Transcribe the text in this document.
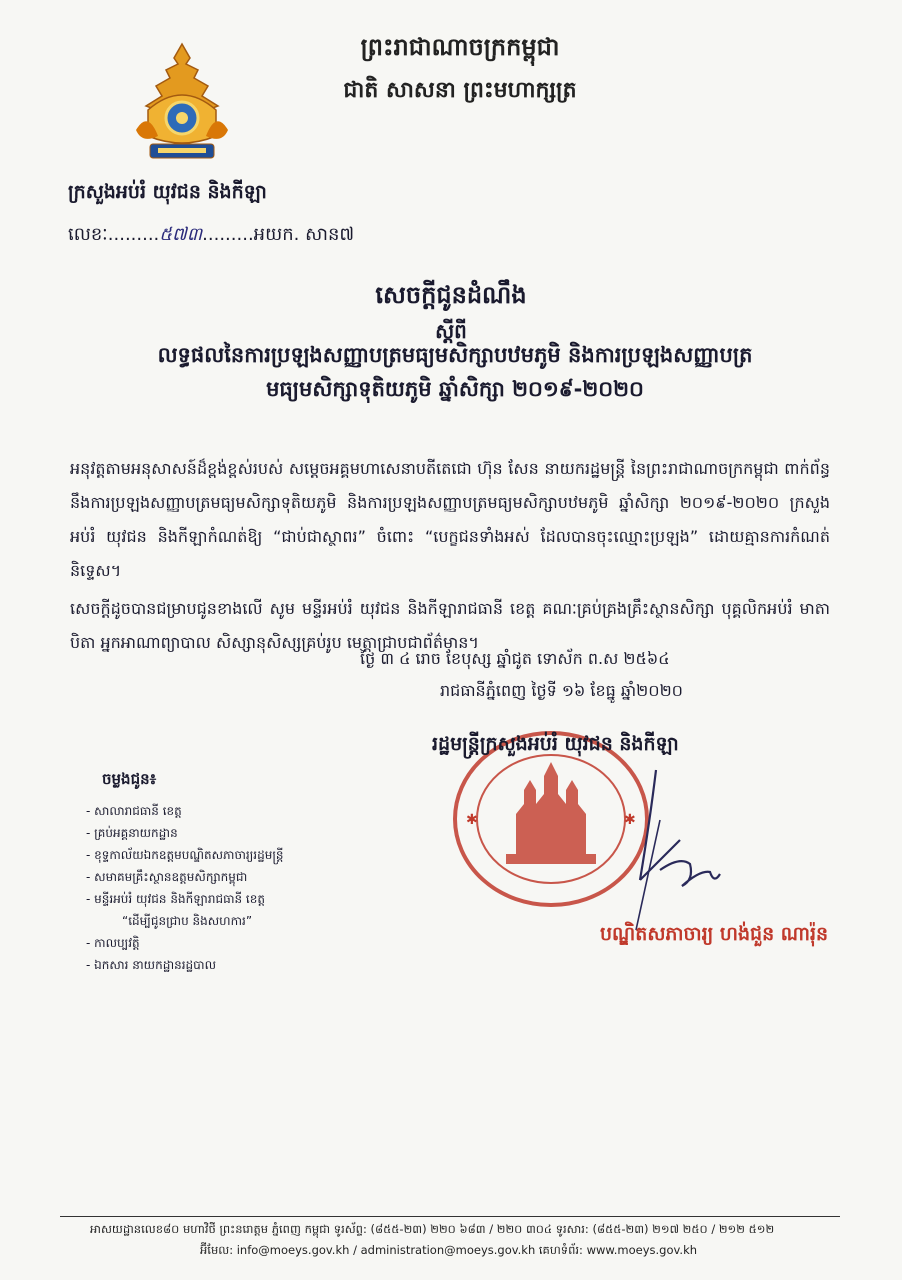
ព្រះរាជាណាចក្រកម្ពុជា
ជាតិ សាសនា ព្រះមហាក្សត្រ
ក្រសួងអប់រំ យុវជន និងកីឡា
លេខៈ.........៥៧៣.........អយក. សាន៧
សេចក្តីជូនដំណឹង
ស្តីពី
លទ្ធផលនៃការប្រឡងសញ្ញាបត្រមធ្យមសិក្សាបឋមភូមិ និងការប្រឡងសញ្ញាបត្រ
មធ្យមសិក្សាទុតិយភូមិ ឆ្នាំសិក្សា ២០១៩-២០២០
អនុវត្តតាមអនុសាសន៍ដ៏ខ្ពង់ខ្ពស់របស់ សម្តេចអគ្គមហាសេនាបតីតេជោ ហ៊ុន សែន នាយករដ្ឋមន្ត្រី នៃព្រះរាជាណាចក្រកម្ពុជា ពាក់ព័ន្ធនឹងការប្រឡងសញ្ញាបត្រមធ្យមសិក្សាទុតិយភូមិ និងការប្រឡងសញ្ញាបត្រមធ្យមសិក្សាបឋមភូមិ ឆ្នាំសិក្សា ២០១៩-២០២០ ក្រសួងអប់រំ យុវជន និងកីឡាកំណត់ឱ្យ “ជាប់ជាស្ថាពរ” ចំពោះ “បេក្ខជនទាំងអស់ ដែលបានចុះឈ្មោះប្រឡង” ដោយគ្មានការកំណត់និទ្ទេស។
សេចក្តីដូចបានជម្រាបជូនខាងលើ សូម មន្ទីរអប់រំ យុវជន និងកីឡារាជធានី ខេត្ត គណៈគ្រប់គ្រងគ្រឹះស្ថានសិក្សា បុគ្គលិកអប់រំ មាតាបិតា អ្នកអាណាព្យាបាល សិស្សានុសិស្សគ្រប់រូប មេត្តាជ្រាបជាព័ត៌មាន។
ថ្ងៃ ៣ ៤ រោច ខែបុស្ស ឆ្នាំជូត ទោស័ក ព.ស ២៥៦៤
រាជធានីភ្នំពេញ ថ្ងៃទី ១៦ ខែធ្នូ ឆ្នាំ២០២០
✱	✱
រដ្ឋមន្ត្រីក្រសួងអប់រំ យុវជន និងកីឡា
បណ្ឌិតសភាចារ្យ ហង់ជួន ណារ៉ុន
ចម្លងជូន៖
- សាលារាជធានី ខេត្ត
- គ្រប់អគ្គនាយកដ្ឋាន
- ខុទ្ទកាល័យឯកឧត្តមបណ្ឌិតសភាចារ្យរដ្ឋមន្ត្រី
- សមាគមគ្រឹះស្ថានឧត្តមសិក្សាកម្ពុជា
- មន្ទីរអប់រំ យុវជន និងកីឡារាជធានី ខេត្ត
“ដើម្បីជូនជ្រាប និងសហការ”
- កាលប្បវត្តិ
- ឯកសារ នាយកដ្ឋានរដ្ឋបាល
អាសយដ្ឋានលេខ៨០ មហាវិថី ព្រះនរោត្តម ភ្នំពេញ កម្ពុជា ទូរស័ព្ទ: (៨៥៥-២៣) ២២០ ៦៨៣ / ២២០ ៣០៤ ទូរសារ: (៨៥៥-២៣) ២១៧ ២៥០ / ២១២ ៥១២
អ៊ីមែល: info@moeys.gov.kh / administration@moeys.gov.kh គេហទំព័រ: www.moeys.gov.kh
